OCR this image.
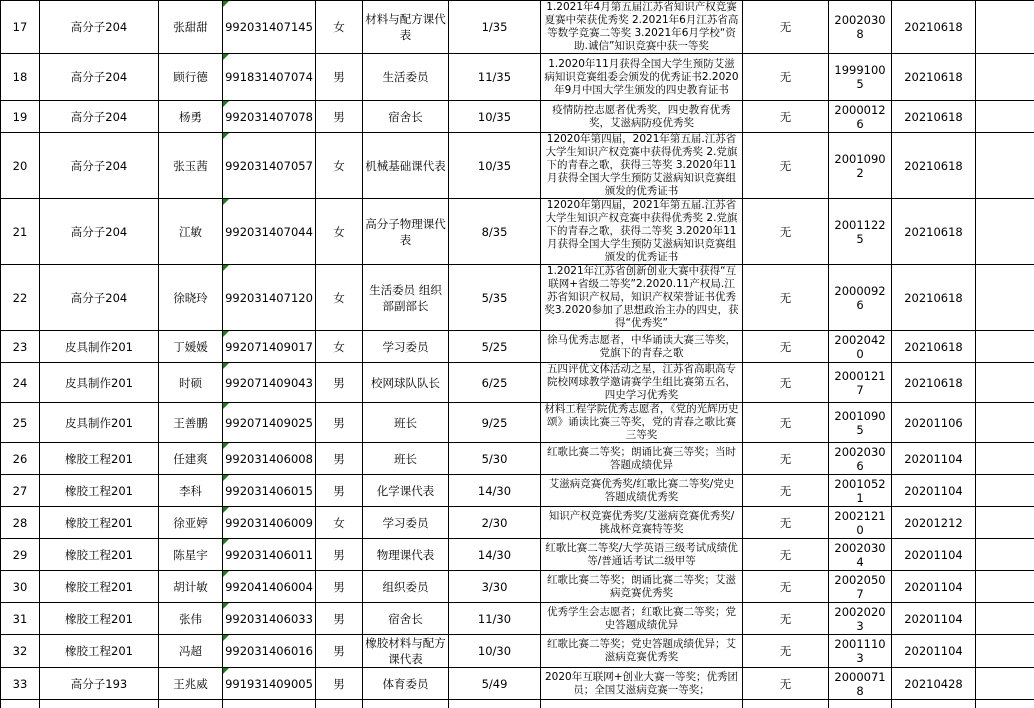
17	高分子204	张甜甜	992031407145	女	材料与配方课代表	1/35	1.2021年4月第五届江苏省知识产权竞赛夏赛中荣获优秀奖 2.2021年6月江苏省高等数学竞赛二等奖 3.2021年6月学校“资助.诚信”知识竞赛中获一等奖	无	20020308	20210618	
18	高分子204	顾行德	991831407074	男	生活委员	11/35	1.2020年11月获得全国大学生预防艾滋病知识竞赛组委会颁发的优秀证书2.2020年9月中国大学生颁发的四史教育证书	无	19991005	20210618	
19	高分子204	杨勇	992031407078	男	宿舍长	10/35	疫情防控志愿者优秀奖，四史教育优秀奖，艾滋病防疫优秀奖	无	20000126	20210618	
20	高分子204	张玉茜	992031407057	女	机械基础课代表	10/35	12020年第四届，2021年第五届.江苏省大学生知识产权竞赛中获得优秀奖 2.党旗下的青春之歌，获得三等奖 3.2020年11月获得全国大学生预防艾滋病知识竞赛组颁发的优秀证书	无	20010902	20210618	
21	高分子204	江敏	992031407044	女	高分子物理课代表	8/35	12020年第四届，2021年第五届.江苏省大学生知识产权竞赛中获得优秀奖 2.党旗下的青春之歌，获得二等奖 3.2020年11月获得全国大学生预防艾滋病知识竞赛组颁发的优秀证书	无	20011225	20210618	
22	高分子204	徐晓玲	992031407120	女	生活委员 组织部副部长	5/35	1.2021年江苏省创新创业大赛中获得“互联网+省级二等奖”2.2020.11产权局.江苏省知识产权局，知识产权荣誉证书优秀奖3.2020参加了思想政治主办的四史，获得“优秀奖”	无	20000926	20210618	
23	皮具制作201	丁媛媛	992071409017	女	学习委员	5/25	徐马优秀志愿者，中华诵读大赛三等奖，党旗下的青春之歌	无	20020420	20210618	
24	皮具制作201	时硕	992071409043	男	校网球队队长	6/25	五四评优文体活动之星，江苏省高职高专院校网球教学邀请赛学生组比赛第五名，四史学习优秀奖	无	20001217	20210618	
25	皮具制作201	王善鹏	992071409025	男	班长	9/25	材料工程学院优秀志愿者，《党的光辉历史颂》诵读比赛三等奖，党的青春之歌比赛三等奖	无	20010905	20201106	
26	橡胶工程201	任建爽	992031406008	男	班长	5/30	红歌比赛二等奖；朗诵比赛三等奖；当时答题成绩优异	无	20020306	20201104	
27	橡胶工程201	李科	992031406015	男	化学课代表	14/30	艾滋病竞赛优秀奖/红歌比赛二等奖/党史答题成绩优秀奖	无	20010521	20201104	
28	橡胶工程201	徐亚婷	992031406009	女	学习委员	2/30	知识产权竞赛优秀奖/艾滋病竞赛优秀奖/挑战杯竞赛特等奖	无	20021210	20201212	
29	橡胶工程201	陈星宇	992031406011	男	物理课代表	14/30	红歌比赛二等奖/大学英语三级考试成绩优等/普通话考试二级甲等	无	20020304	20201104	
30	橡胶工程201	胡计敏	992041406004	男	组织委员	3/30	红歌比赛二等奖；朗诵比赛二等奖；艾滋病竞赛优秀奖	无	20020507	20201104	
31	橡胶工程201	张伟	992031406033	男	宿舍长	11/30	优秀学生会志愿者；红歌比赛二等奖；党史答题成绩优异	无	20020203	20201104	
32	橡胶工程201	冯超	992031406016	男	橡胶材料与配方课代表	10/30	红歌比赛二等奖；党史答题成绩优异；艾滋病竞赛优秀奖	无	20011103	20201104	
33	高分子193	王兆威	991931409005	男	体育委员	5/49	2020年互联网+创业大赛一等奖；优秀团员；全国艾滋病竞赛一等奖；	无	20000718	20210428	
